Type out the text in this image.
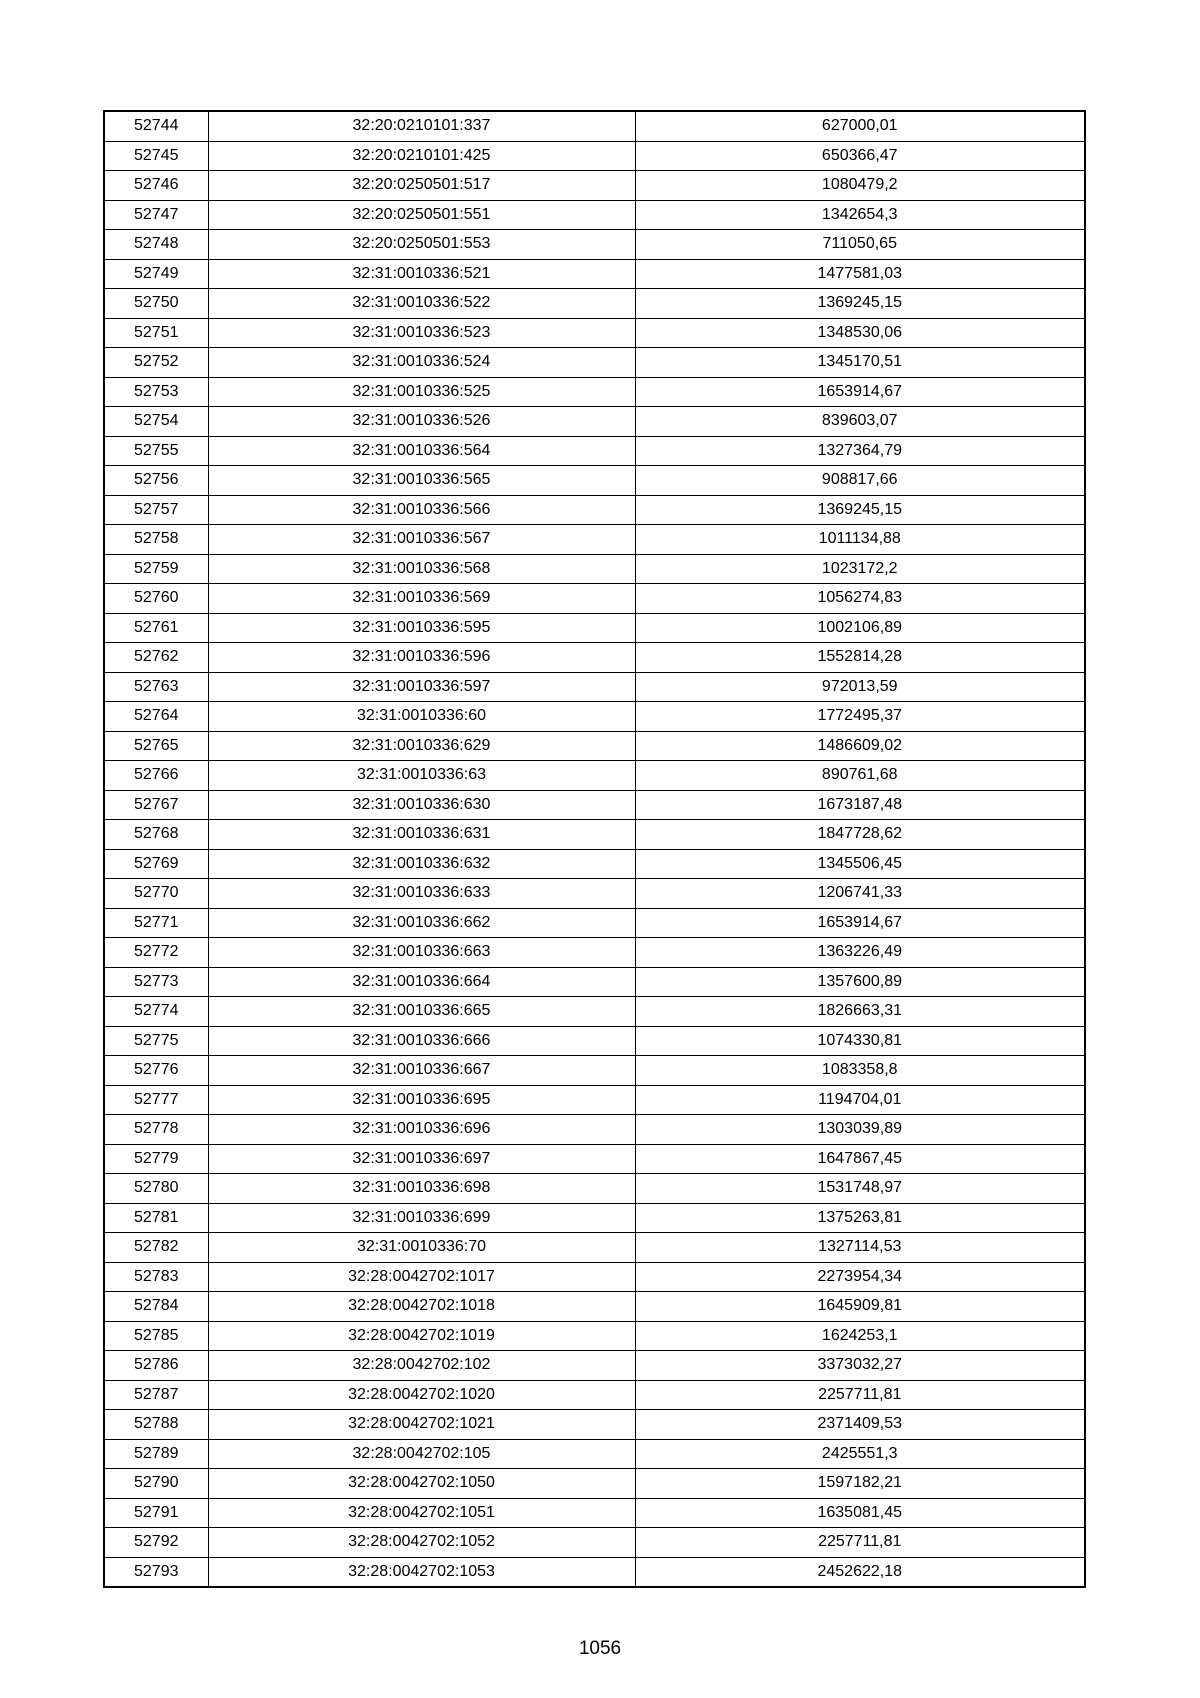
52744	32:20:0210101:337	627000,01
52745	32:20:0210101:425	650366,47
52746	32:20:0250501:517	1080479,2
52747	32:20:0250501:551	1342654,3
52748	32:20:0250501:553	711050,65
52749	32:31:0010336:521	1477581,03
52750	32:31:0010336:522	1369245,15
52751	32:31:0010336:523	1348530,06
52752	32:31:0010336:524	1345170,51
52753	32:31:0010336:525	1653914,67
52754	32:31:0010336:526	839603,07
52755	32:31:0010336:564	1327364,79
52756	32:31:0010336:565	908817,66
52757	32:31:0010336:566	1369245,15
52758	32:31:0010336:567	1011134,88
52759	32:31:0010336:568	1023172,2
52760	32:31:0010336:569	1056274,83
52761	32:31:0010336:595	1002106,89
52762	32:31:0010336:596	1552814,28
52763	32:31:0010336:597	972013,59
52764	32:31:0010336:60	1772495,37
52765	32:31:0010336:629	1486609,02
52766	32:31:0010336:63	890761,68
52767	32:31:0010336:630	1673187,48
52768	32:31:0010336:631	1847728,62
52769	32:31:0010336:632	1345506,45
52770	32:31:0010336:633	1206741,33
52771	32:31:0010336:662	1653914,67
52772	32:31:0010336:663	1363226,49
52773	32:31:0010336:664	1357600,89
52774	32:31:0010336:665	1826663,31
52775	32:31:0010336:666	1074330,81
52776	32:31:0010336:667	1083358,8
52777	32:31:0010336:695	1194704,01
52778	32:31:0010336:696	1303039,89
52779	32:31:0010336:697	1647867,45
52780	32:31:0010336:698	1531748,97
52781	32:31:0010336:699	1375263,81
52782	32:31:0010336:70	1327114,53
52783	32:28:0042702:1017	2273954,34
52784	32:28:0042702:1018	1645909,81
52785	32:28:0042702:1019	1624253,1
52786	32:28:0042702:102	3373032,27
52787	32:28:0042702:1020	2257711,81
52788	32:28:0042702:1021	2371409,53
52789	32:28:0042702:105	2425551,3
52790	32:28:0042702:1050	1597182,21
52791	32:28:0042702:1051	1635081,45
52792	32:28:0042702:1052	2257711,81
52793	32:28:0042702:1053	2452622,18
1056
